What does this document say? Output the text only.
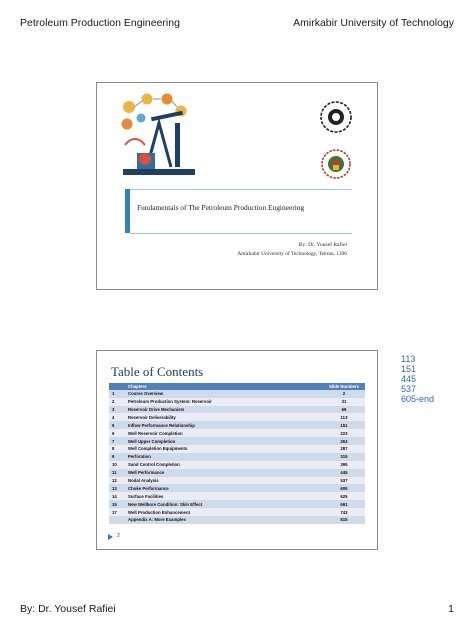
Petroleum Production Engineering	Amirkabir University of Technology
Fundamentals of The Petroleum Production Engineering
By: Dr. Yousef Rafiei
Amirkabir University of Technology, Tehran, 1396
Table of Contents
	Chapters	Slide Numbers
1	Course Overview	2
2	Petroleum Production System: Reservoir	31
3	Reservoir Drive Mechanism	69
4	Reservoir Deliverability	113
5	Inflow Performance Relationship	151
6	Well Reservoir Completion	223
7	Well Upper Completion	263
8	Well Completion Equipments	287
9	Perforation	315
10	Sand Control Completion	395
11	Well Performance	445
12	Nodal Analysis	537
13	Choke Performance	605
14	Surface Facilities	625
15	New Wellbore Condition: Skin Effect	691
17	Well Production Enhancement	743
	Appendix A: More Examples	815
2
113
151
445
537
605-end
By: Dr. Yousef Rafiei	1
